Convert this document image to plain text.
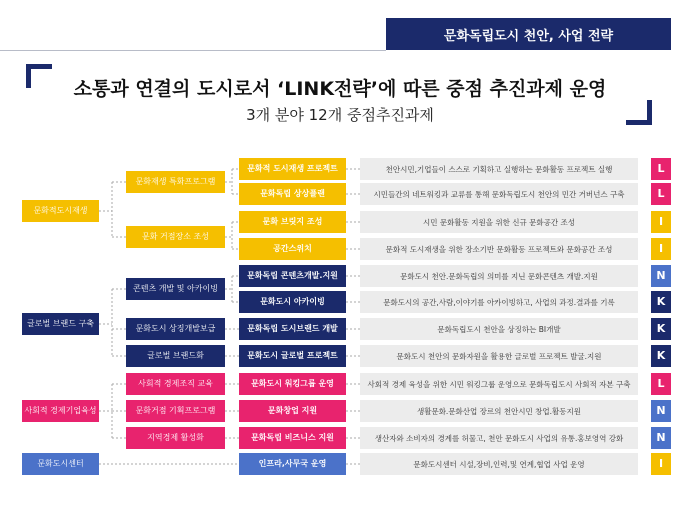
문화독립도시 천안, 사업 전략
소통과 연결의 도시로서 ‘LINK전략’에 따른 중점 추진과제 운영
3개 분야 12개 중점추진과제
문화적도시재생
글로벌 브랜드 구축
사회적 경제기업육성
문화도시센터
문화재생 특화프로그램
문화 거점장소 조성
콘텐츠 개발 및 아카이빙
문화도시 상징개발보급
글로벌 브랜드화
사회적 경제조직 교육
문화거점 기획프로그램
지역경제 활성화
문화적 도시재생 프로젝트
문화독립 상상플랜
문화 브릿지 조성
공간스위치
문화독립 콘텐츠개발.지원
문화도시 아카이빙
문화독립 도시브랜드 개발
문화도시 글로벌 프로젝트
문화도시 워킹그룹 운영
문화창업 지원
문화독립 비즈니스 지원
인프라,사무국 운영
천안시민,기업들이 스스로 기획하고 실행하는 문화활동 프로젝트 실행
시민들간의 네트워킹과 교류를 통해 문화독립도시 천안의 민간 거버넌스 구축
시민 문화활동 지원을 위한 신규 문화공간 조성
문화적 도시재생을 위한 장소기반 문화활동 프로젝트와 문화공간 조성
문화도시 천안.문화독립의 의미를 지닌 문화콘텐츠 개발.지원
문화도시의 공간,사람,이야기를 아카이빙하고, 사업의 과정.결과를 기록
문화독립도시 천안을 상징하는 BI개발
문화도시 천안의 문화자원을 활용한 글로벌 프로젝트 발굴.지원
사회적 경제 육성을 위한 시민 워킹그룹 운영으로 문화독립도시 사회적 자본 구축
생활문화.문화산업 장르의 천안시민 창업.활동지원
생산자와 소비자의 경계를 허물고, 천안 문화도시 사업의 유통.홍보영역 강화
문화도시센터 시설,장비,인력,및 연계,협업 사업 운영
L
L
I
I
N
K
K
K
L
N
N
I
